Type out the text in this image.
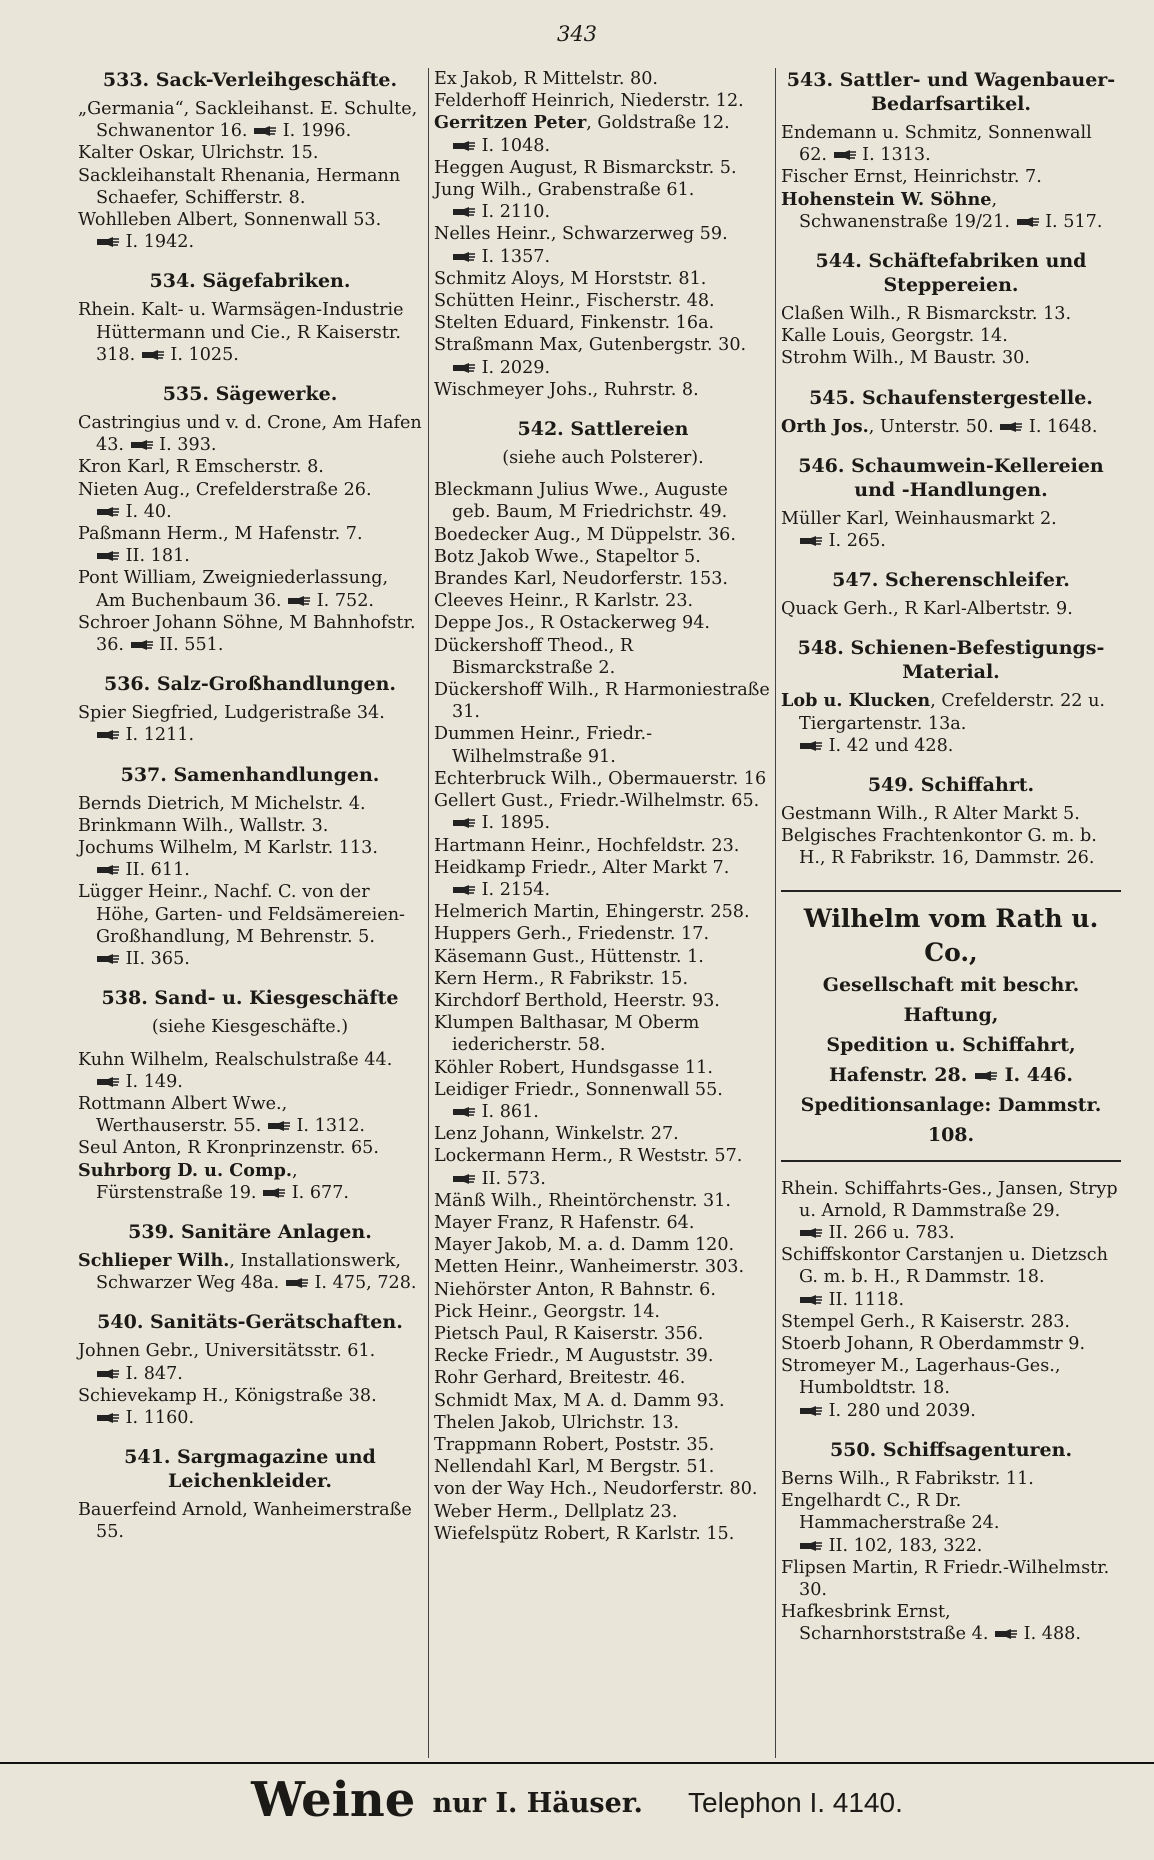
343
533. Sack-Verleihgeschäfte.
„Germania“, Sackleihanst. E. Schulte, Schwanentor 16. I. 1996.
Kalter Oskar, Ulrichstr. 15.
Sackleihanstalt Rhenania, Hermann Schaefer, Schifferstr. 8.
Wohlleben Albert, Sonnenwall 53.
I. 1942.
534. Sägefabriken.
Rhein. Kalt- u. Warmsägen-Industrie Hüttermann und Cie., R Kaiserstr. 318. I. 1025.
535. Sägewerke.
Castringius und v. d. Crone, Am Hafen 43. I. 393.
Kron Karl, R Emscherstr. 8.
Nieten Aug., Crefelderstraße 26.
I. 40.
Paßmann Herm., M Hafenstr. 7.
II. 181.
Pont William, Zweigniederlassung, Am Buchenbaum 36. I. 752.
Schroer Johann Söhne, M Bahnhofstr. 36. II. 551.
536. Salz-Großhandlungen.
Spier Siegfried, Ludgeristraße 34.
I. 1211.
537. Samenhandlungen.
Bernds Dietrich, M Michelstr. 4.
Brinkmann Wilh., Wallstr. 3.
Jochums Wilhelm, M Karlstr. 113.
II. 611.
Lügger Heinr., Nachf. C. von der Höhe, Garten- und Feldsämereien-Großhandlung, M Behrenstr. 5.
II. 365.
538. Sand- u. Kiesgeschäfte
(siehe Kiesgeschäfte.)
Kuhn Wilhelm, Realschulstraße 44.
I. 149.
Rottmann Albert Wwe., Werthauserstr. 55. I. 1312.
Seul Anton, R Kronprinzenstr. 65.
Suhrborg D. u. Comp., Fürstenstraße 19. I. 677.
539. Sanitäre Anlagen.
Schlieper Wilh., Installationswerk, Schwarzer Weg 48a. I. 475, 728.
540. Sanitäts-Gerätschaften.
Johnen Gebr., Universitätsstr. 61.
I. 847.
Schievekamp H., Königstraße 38.
I. 1160.
541. Sargmagazine und Leichenkleider.
Bauerfeind Arnold, Wanheimerstraße 55.
Ex Jakob, R Mittelstr. 80.
Felderhoff Heinrich, Niederstr. 12.
Gerritzen Peter, Goldstraße 12.
I. 1048.
Heggen August, R Bismarckstr. 5.
Jung Wilh., Grabenstraße 61.
I. 2110.
Nelles Heinr., Schwarzerweg 59.
I. 1357.
Schmitz Aloys, M Horststr. 81.
Schütten Heinr., Fischerstr. 48.
Stelten Eduard, Finkenstr. 16a.
Straßmann Max, Gutenbergstr. 30.
I. 2029.
Wischmeyer Johs., Ruhrstr. 8.
542. Sattlereien
(siehe auch Polsterer).
Bleckmann Julius Wwe., Auguste geb. Baum, M Friedrichstr. 49.
Boedecker Aug., M Düppelstr. 36.
Botz Jakob Wwe., Stapeltor 5.
Brandes Karl, Neudorferstr. 153.
Cleeves Heinr., R Karlstr. 23.
Deppe Jos., R Ostackerweg 94.
Dückershoff Theod., R Bismarckstraße 2.
Dückershoff Wilh., R Harmoniestraße 31.
Dummen Heinr., Friedr.-Wilhelmstraße 91.
Echterbruck Wilh., Obermauerstr. 16
Gellert Gust., Friedr.-Wilhelmstr. 65.
I. 1895.
Hartmann Heinr., Hochfeldstr. 23.
Heidkamp Friedr., Alter Markt 7.
I. 2154.
Helmerich Martin, Ehingerstr. 258.
Huppers Gerh., Friedenstr. 17.
Käsemann Gust., Hüttenstr. 1.
Kern Herm., R Fabrikstr. 15.
Kirchdorf Berthold, Heerstr. 93.
Klumpen Balthasar, M Oberm iedericherstr. 58.
Köhler Robert, Hundsgasse 11.
Leidiger Friedr., Sonnenwall 55.
I. 861.
Lenz Johann, Winkelstr. 27.
Lockermann Herm., R Weststr. 57.
II. 573.
Mänß Wilh., Rheintörchenstr. 31.
Mayer Franz, R Hafenstr. 64.
Mayer Jakob, M. a. d. Damm 120.
Metten Heinr., Wanheimerstr. 303.
Niehörster Anton, R Bahnstr. 6.
Pick Heinr., Georgstr. 14.
Pietsch Paul, R Kaiserstr. 356.
Recke Friedr., M Auguststr. 39.
Rohr Gerhard, Breitestr. 46.
Schmidt Max, M A. d. Damm 93.
Thelen Jakob, Ulrichstr. 13.
Trappmann Robert, Poststr. 35.
Nellendahl Karl, M Bergstr. 51.
von der Way Hch., Neudorferstr. 80.
Weber Herm., Dellplatz 23.
Wiefelspütz Robert, R Karlstr. 15.
543. Sattler- und Wagenbauer-Bedarfsartikel.
Endemann u. Schmitz, Sonnenwall 62. I. 1313.
Fischer Ernst, Heinrichstr. 7.
Hohenstein W. Söhne, Schwanenstraße 19/21. I. 517.
544. Schäftefabriken und Steppereien.
Claßen Wilh., R Bismarckstr. 13.
Kalle Louis, Georgstr. 14.
Strohm Wilh., M Baustr. 30.
545. Schaufenstergestelle.
Orth Jos., Unterstr. 50. I. 1648.
546. Schaumwein-Kellereien und -Handlungen.
Müller Karl, Weinhausmarkt 2.
I. 265.
547. Scherenschleifer.
Quack Gerh., R Karl-Albertstr. 9.
548. Schienen-Befestigungs-Material.
Lob u. Klucken, Crefelderstr. 22 u. Tiergartenstr. 13a.
I. 42 und 428.
549. Schiffahrt.
Gestmann Wilh., R Alter Markt 5.
Belgisches Frachtenkontor G. m. b. H., R Fabrikstr. 16, Dammstr. 26.
Wilhelm vom Rath u. Co.,
Gesellschaft mit beschr. Haftung,
Spedition u. Schiffahrt,
Hafenstr. 28. I. 446.
Speditionsanlage: Dammstr. 108.
Rhein. Schiffahrts-Ges., Jansen, Stryp u. Arnold, R Dammstraße 29.
II. 266 u. 783.
Schiffskontor Carstanjen u. Dietzsch G. m. b. H., R Dammstr. 18.
II. 1118.
Stempel Gerh., R Kaiserstr. 283.
Stoerb Johann, R Oberdammstr 9.
Stromeyer M., Lagerhaus-Ges., Humboldtstr. 18.
I. 280 und 2039.
550. Schiffsagenturen.
Berns Wilh., R Fabrikstr. 11.
Engelhardt C., R Dr. Hammacherstraße 24.
II. 102, 183, 322.
Flipsen Martin, R Friedr.-Wilhelmstr. 30.
Hafkesbrink Ernst, Scharnhorststraße 4. I. 488.
Weine nur I. Häuser. Telephon I. 4140.
